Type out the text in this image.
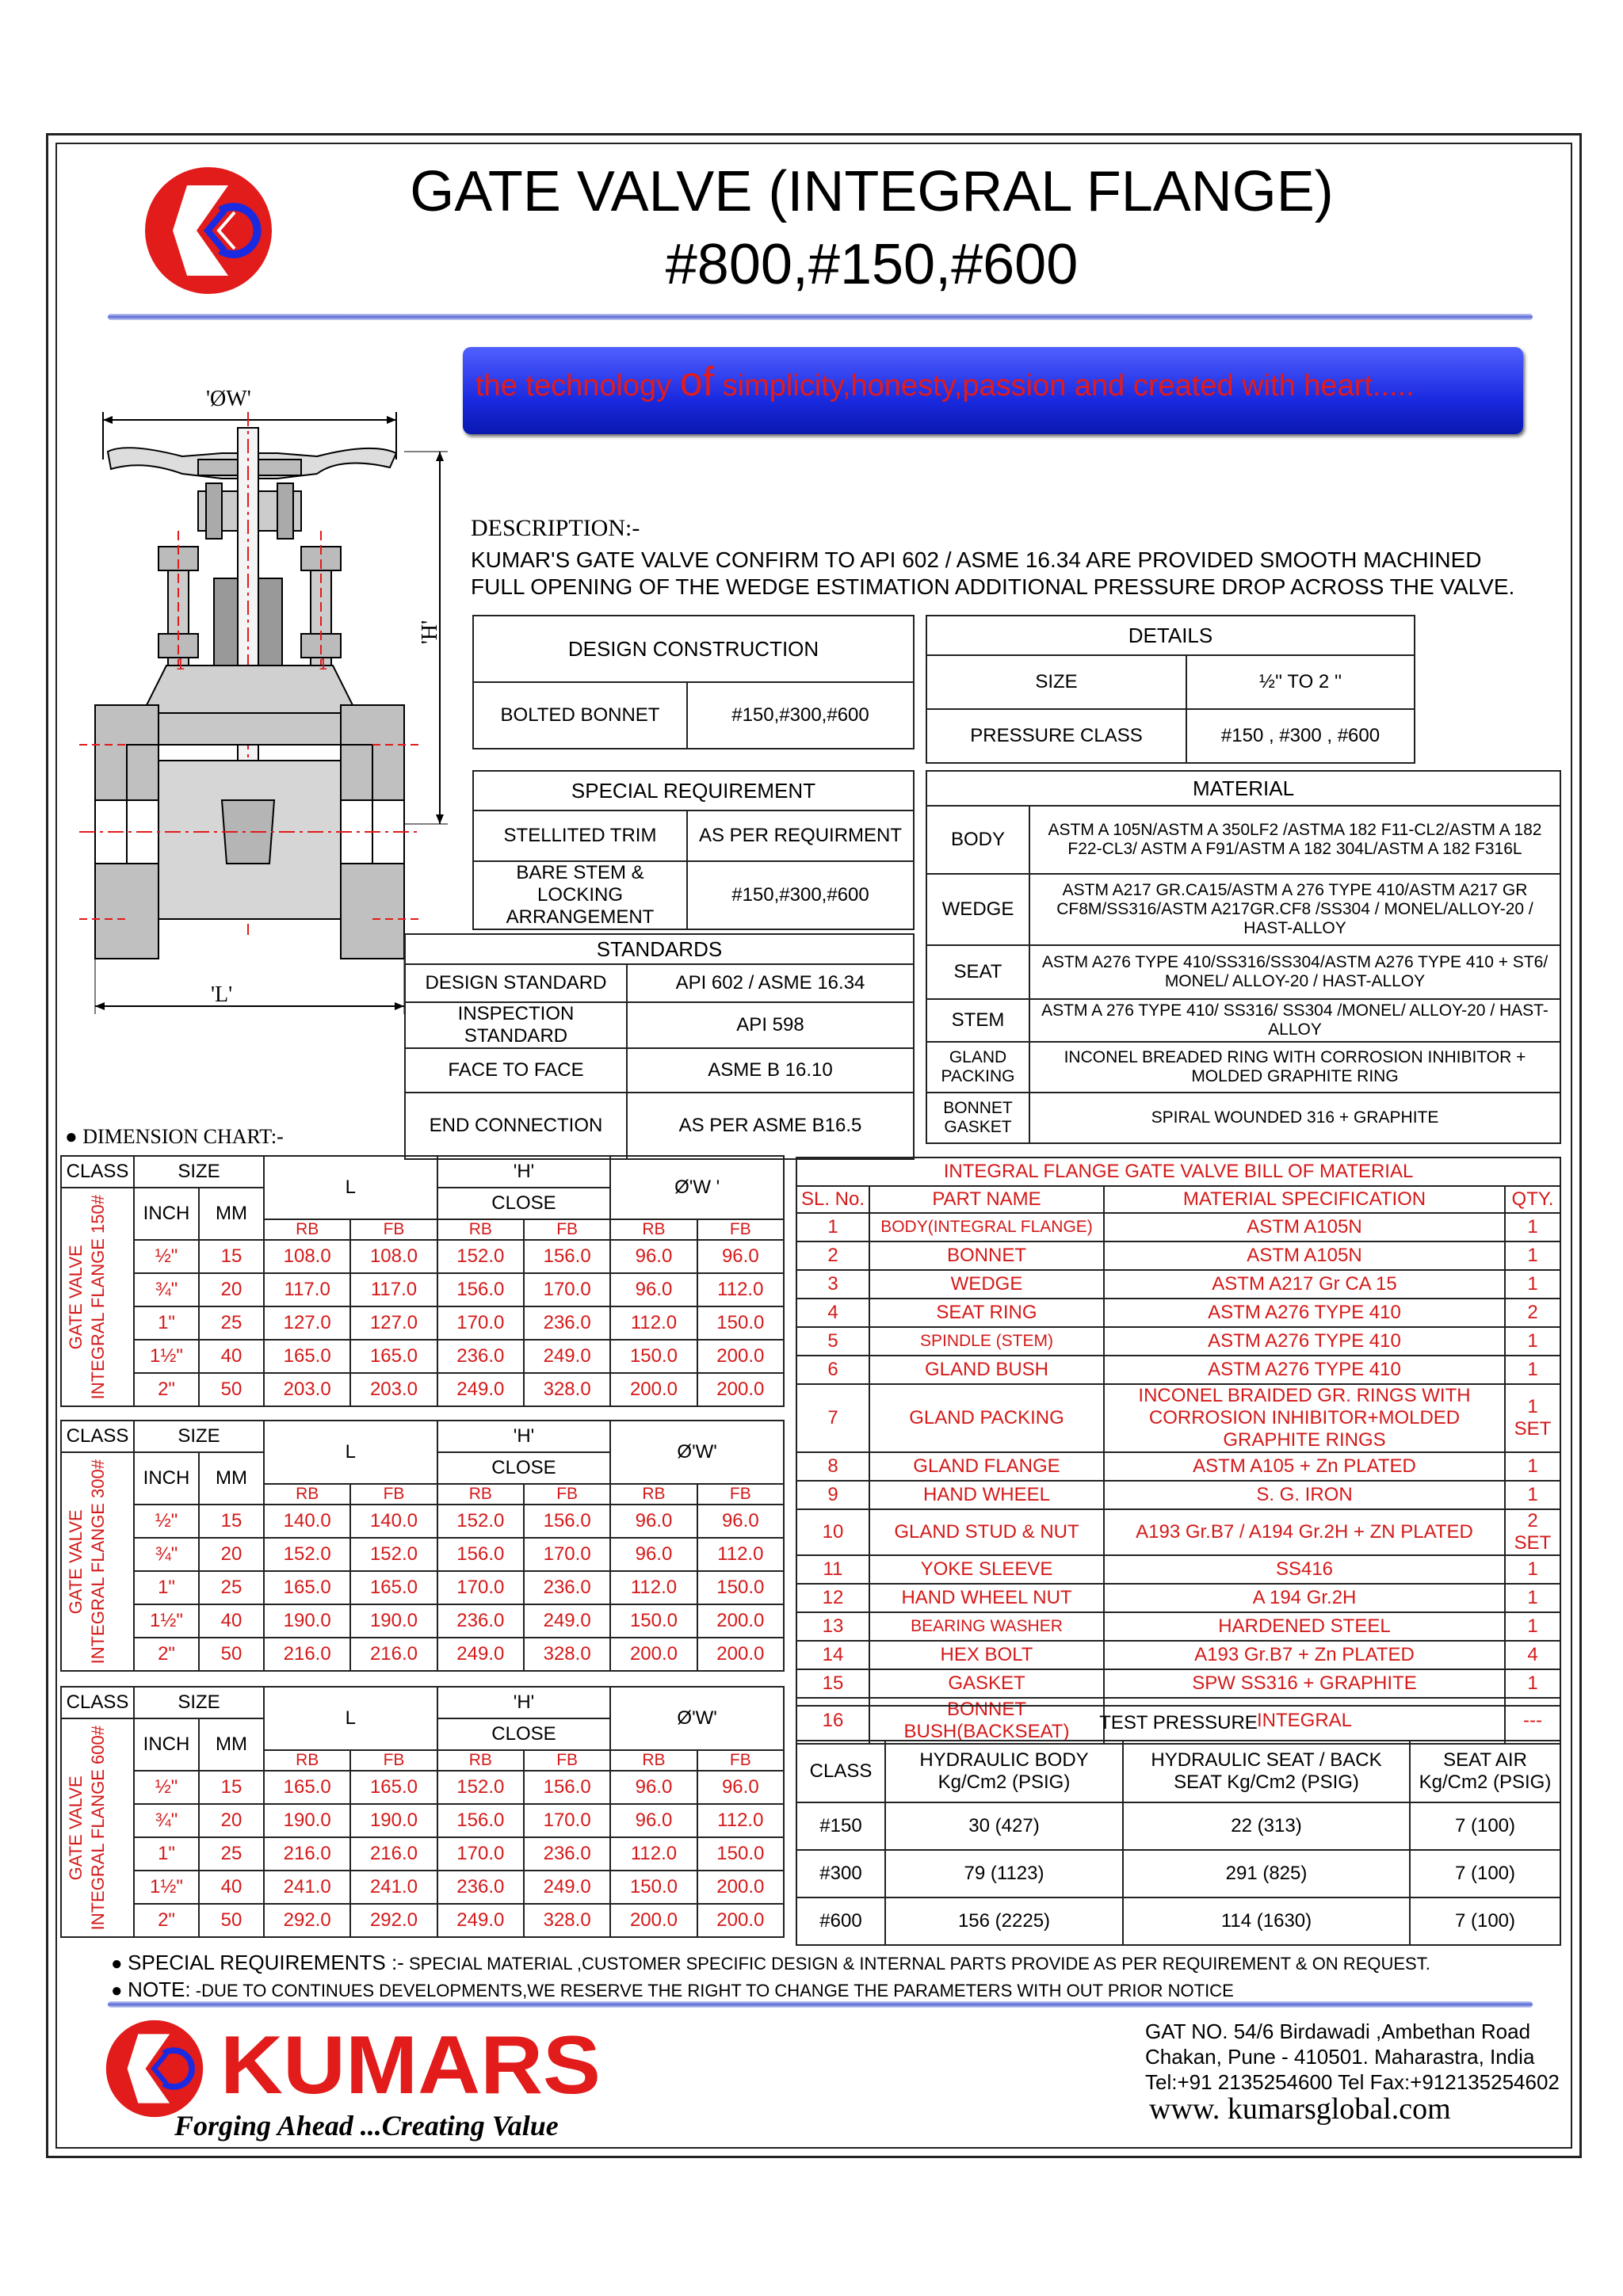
GATE VALVE (INTEGRAL FLANGE)
#800,#150,#600
the technology of simplicity,honesty,passion and created with heart.....
'ØW'
'H'
'L'
1	1
DESCRIPTION:-
KUMAR'S GATE VALVE CONFIRM TO API 602 / ASME 16.34 ARE PROVIDED SMOOTH MACHINED
FULL OPENING OF THE WEDGE ESTIMATION ADDITIONAL PRESSURE DROP ACROSS THE VALVE.
DESIGN CONSTRUCTION
BOLTED BONNET	#150,#300,#600
DETAILS	
SIZE	½'' TO 2 ''
PRESSURE CLASS	#150 , #300 , #600
SPECIAL REQUIREMENT	
STELLITED TRIM	AS PER REQUIRMENT
BARE STEM & LOCKING ARRANGEMENT	#150,#300,#600
STANDARDS	
DESIGN STANDARD	API 602 / ASME 16.34
INSPECTION STANDARD	API 598
FACE TO FACE	ASME B 16.10
END CONNECTION	AS PER ASME B16.5
MATERIAL	
BODY	ASTM A 105N/ASTM A 350LF2 /ASTMA 182 F11-CL2/ASTM A 182 F22-CL3/ ASTM A F91/ASTM A 182 304L/ASTM A 182 F316L
WEDGE	ASTM A217 GR.CA15/ASTM A 276 TYPE 410/ASTM A217 GR CF8M/SS316/ASTM A217GR.CF8 /SS304 / MONEL/ALLOY-20 / HAST-ALLOY
SEAT	ASTM A276 TYPE 410/SS316/SS304/ASTM A276 TYPE 410 + ST6/ MONEL/ ALLOY-20 / HAST-ALLOY
STEM	ASTM A 276 TYPE 410/ SS316/ SS304 /MONEL/ ALLOY-20 / HAST-ALLOY
GLAND PACKING	INCONEL BREADED RING WITH CORROSION INHIBITOR + MOLDED GRAPHITE RING
BONNET GASKET	SPIRAL WOUNDED 316 + GRAPHITE
● DIMENSION CHART:-
CLASS	SIZE		L		'H'		Ø'W '	

GATE VALVE INTEGRAL FLANGE 150#	INCH	MM			CLOSE			
			RB	FB	RB	FB	RB	FB
	½"	15	108.0	108.0	152.0	156.0	96.0	96.0
	¾"	20	117.0	117.0	156.0	170.0	96.0	112.0
	1"	25	127.0	127.0	170.0	236.0	112.0	150.0
	1½"	40	165.0	165.0	236.0	249.0	150.0	200.0
	2"	50	203.0	203.0	249.0	328.0	200.0	200.0
CLASS	SIZE		L		'H'		Ø'W'	

GATE VALVE INTEGRAL FLANGE 300#	INCH	MM			CLOSE			
			RB	FB	RB	FB	RB	FB
	½"	15	140.0	140.0	152.0	156.0	96.0	96.0
	¾"	20	152.0	152.0	156.0	170.0	96.0	112.0
	1"	25	165.0	165.0	170.0	236.0	112.0	150.0
	1½"	40	190.0	190.0	236.0	249.0	150.0	200.0
	2"	50	216.0	216.0	249.0	328.0	200.0	200.0
CLASS	SIZE		L		'H'		Ø'W'	

GATE VALVE INTEGRAL FLANGE 600#	INCH	MM			CLOSE			
			RB	FB	RB	FB	RB	FB
	½"	15	165.0	165.0	152.0	156.0	96.0	96.0
	¾"	20	190.0	190.0	156.0	170.0	96.0	112.0
	1"	25	216.0	216.0	170.0	236.0	112.0	150.0
	1½"	40	241.0	241.0	236.0	249.0	150.0	200.0
	2"	50	292.0	292.0	249.0	328.0	200.0	200.0
INTEGRAL FLANGE GATE VALVE BILL OF MATERIAL			
SL. No.	PART NAME	MATERIAL SPECIFICATION	QTY.
1	BODY(INTEGRAL FLANGE)	ASTM A105N	1
2	BONNET	ASTM A105N	1
3	WEDGE	ASTM A217 Gr CA 15	1
4	SEAT RING	ASTM A276 TYPE 410	2
5	SPINDLE (STEM)	ASTM A276 TYPE 410	1
6	GLAND BUSH	ASTM A276 TYPE 410	1
7	GLAND PACKING	INCONEL BRAIDED GR. RINGS WITH CORROSION INHIBITOR+MOLDED GRAPHITE RINGS	1 SET
8	GLAND FLANGE	ASTM A105 + Zn PLATED	1
9	HAND WHEEL	S. G. IRON	1
10	GLAND STUD & NUT	A193 Gr.B7 / A194 Gr.2H + ZN PLATED	2 SET
11	YOKE SLEEVE	SS416	1
12	HAND WHEEL NUT	A 194 Gr.2H	1
13	BEARING WASHER	HARDENED STEEL	1
14	HEX BOLT	A193 Gr.B7 + Zn PLATED	4
15	GASKET	SPW SS316 + GRAPHITE	1
16	BONNET BUSH(BACKSEAT)	INTEGRAL	---
TEST PRESSURE			
CLASS	HYDRAULIC BODY Kg/Cm2 (PSIG)	HYDRAULIC SEAT / BACK SEAT Kg/Cm2 (PSIG)	SEAT AIR Kg/Cm2 (PSIG)
#150	30 (427)	22 (313)	7 (100)
#300	79 (1123)	291 (825)	7 (100)
#600	156 (2225)	114 (1630)	7 (100)
● SPECIAL REQUIREMENTS :- SPECIAL MATERIAL ,CUSTOMER SPECIFIC DESIGN & INTERNAL PARTS PROVIDE AS PER REQUIREMENT & ON REQUEST.
● NOTE: -DUE TO CONTINUES DEVELOPMENTS,WE RESERVE THE RIGHT TO CHANGE THE PARAMETERS WITH OUT PRIOR NOTICE
KUMARS
Forging Ahead ...Creating Value
GAT NO. 54/6 Birdawadi ,Ambethan Road
Chakan, Pune - 410501. Maharastra, India
Tel:+91 2135254600 Tel Fax:+912135254602
www. kumarsglobal.com
